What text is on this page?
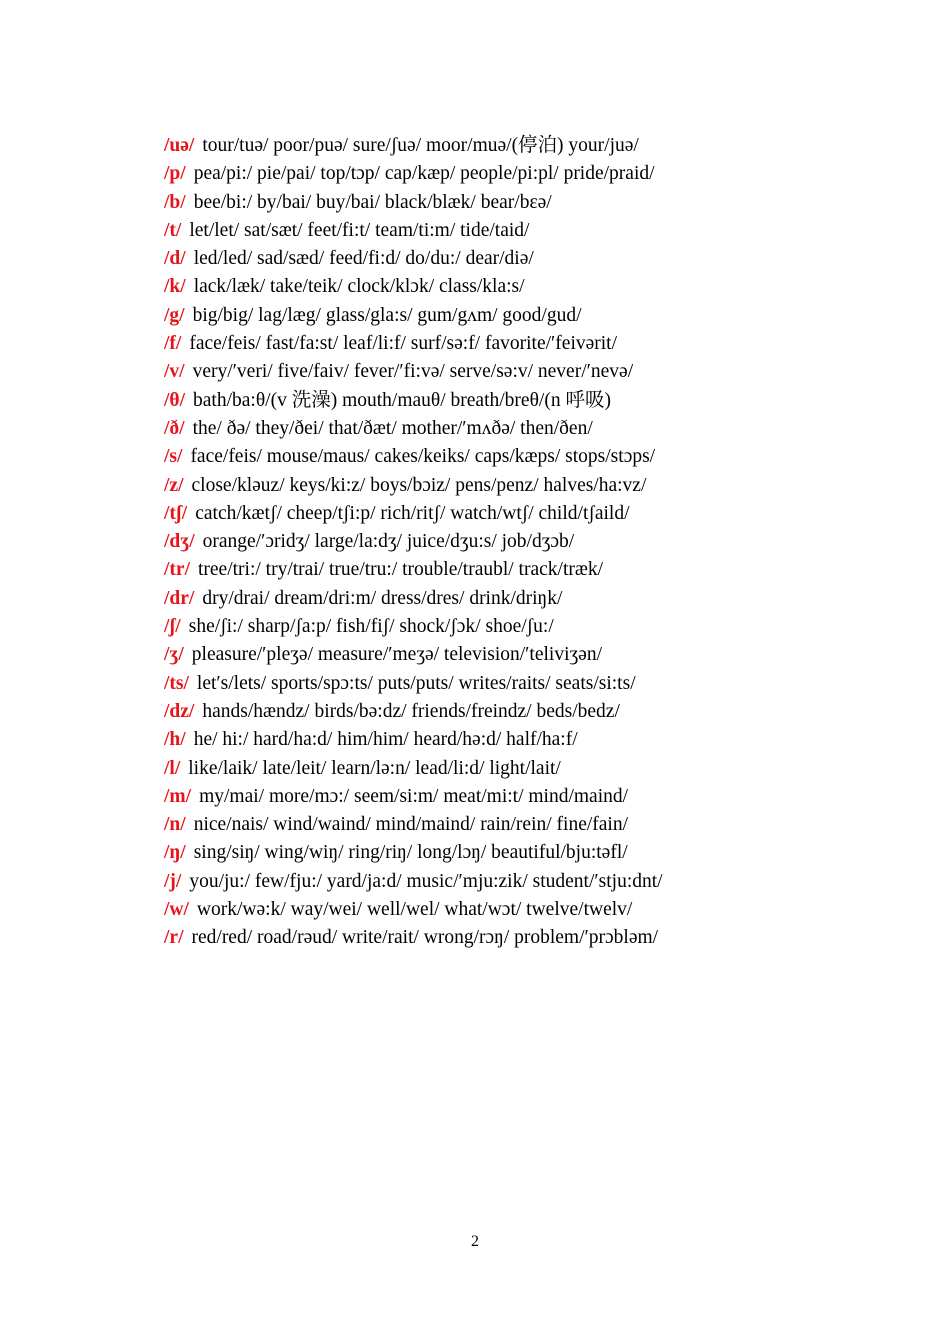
/uə/ tour/tuə/ poor/puə/ sure/ʃuə/ moor/muə/(停泊) your/juə/
/p/ pea/pi:/ pie/pai/ top/tɔp/ cap/kæp/ people/pi:pl/ pride/praid/
/b/ bee/bi:/ by/bai/ buy/bai/ black/blæk/ bear/bɛə/
/t/ let/let/ sat/sæt/ feet/fi:t/ team/ti:m/ tide/taid/
/d/ led/led/ sad/sæd/ feed/fi:d/ do/du:/ dear/diə/
/k/ lack/læk/ take/teik/ clock/klɔk/ class/kla:s/
/g/ big/big/ lag/læg/ glass/gla:s/ gum/gʌm/ good/gud/
/f/ face/feis/ fast/fa:st/ leaf/li:f/ surf/sə:f/ favorite/′feivərit/
/v/ very/′veri/ five/faiv/ fever/′fi:və/ serve/sə:v/ never/′nevə/
/θ/ bath/ba:θ/(v 洗澡) mouth/mauθ/ breath/breθ/(n 呼吸)
/ð/ the/ ðə/ they/ðei/ that/ðæt/ mother/′mʌðə/ then/ðen/
/s/ face/feis/ mouse/maus/ cakes/keiks/ caps/kæps/ stops/stɔps/
/z/ close/kləuz/ keys/ki:z/ boys/bɔiz/ pens/penz/ halves/ha:vz/
/tʃ/ catch/kætʃ/ cheep/tʃi:p/ rich/ritʃ/ watch/wtʃ/ child/tʃaild/
/dʒ/ orange/′ɔridʒ/ large/la:dʒ/ juice/dʒu:s/ job/dʒɔb/
/tr/ tree/tri:/ try/trai/ true/tru:/ trouble/traubl/ track/træk/
/dr/ dry/drai/ dream/dri:m/ dress/dres/ drink/driŋk/
/ʃ/ she/ʃi:/ sharp/ʃa:p/ fish/fiʃ/ shock/ʃɔk/ shoe/ʃu:/
/ʒ/ pleasure/′pleʒə/ measure/′meʒə/ television/′teliviʒən/
/ts/ let′s/lets/ sports/spɔ:ts/ puts/puts/ writes/raits/ seats/si:ts/
/dz/ hands/hændz/ birds/bə:dz/ friends/freindz/ beds/bedz/
/h/ he/ hi:/ hard/ha:d/ him/him/ heard/hə:d/ half/ha:f/
/l/ like/laik/ late/leit/ learn/lə:n/ lead/li:d/ light/lait/
/m/ my/mai/ more/mɔ:/ seem/si:m/ meat/mi:t/ mind/maind/
/n/ nice/nais/ wind/waind/ mind/maind/ rain/rein/ fine/fain/
/ŋ/ sing/siŋ/ wing/wiŋ/ ring/riŋ/ long/lɔŋ/ beautiful/bju:təfl/
/j/ you/ju:/ few/fju:/ yard/ja:d/ music/′mju:zik/ student/′stju:dnt/
/w/ work/wə:k/ way/wei/ well/wel/ what/wɔt/ twelve/twelv/
/r/ red/red/ road/rəud/ write/rait/ wrong/rɔŋ/ problem/′prɔbləm/
2
